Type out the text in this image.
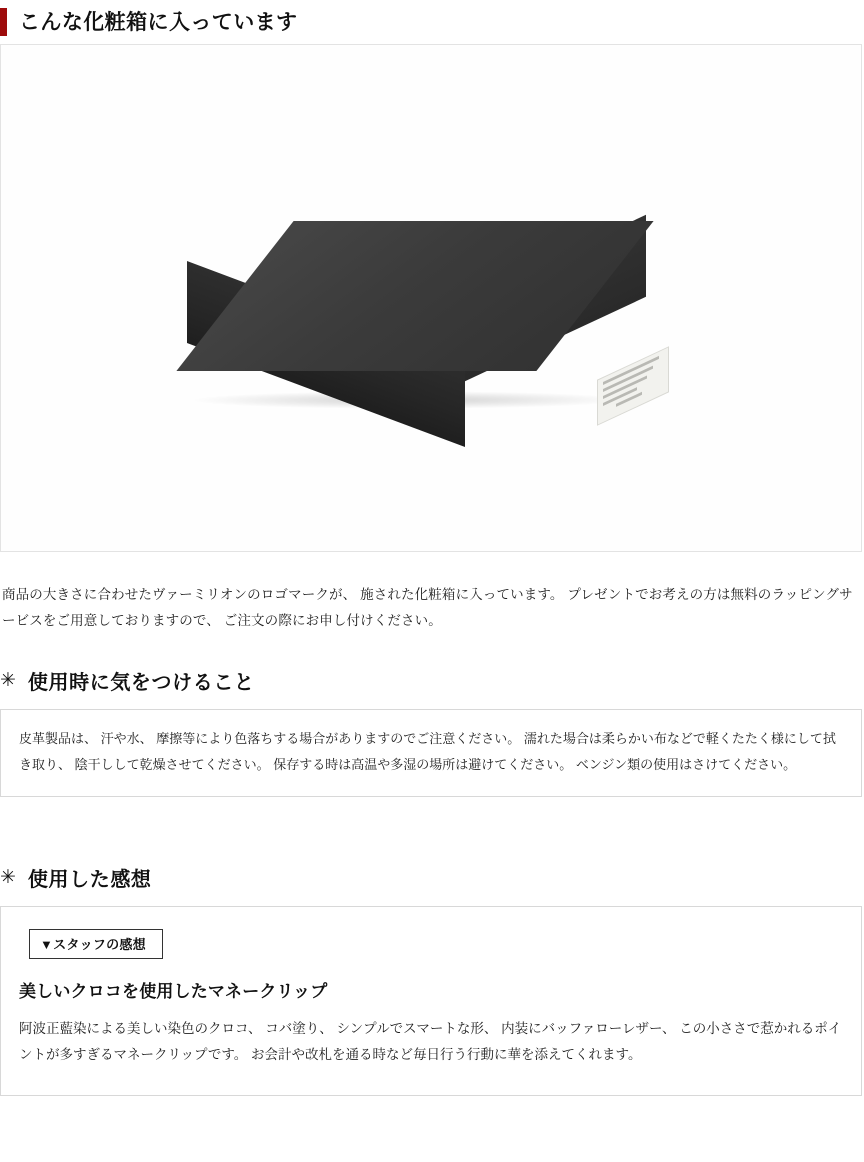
こんな化粧箱に入っています

商品の大きさに合わせたヴァーミリオンのロゴマークが、 施された化粧箱に入っています。 プレゼントでお考えの方は無料のラッピングサービスをご用意しておりますので、 ご注文の際にお申し付けください。

✳ 使用時に気をつけること
皮革製品は、 汗や水、 摩擦等により色落ちする場合がありますのでご注意ください。 濡れた場合は柔らかい布などで軽くたたく様にして拭き取り、 陰干しして乾燥させてください。 保存する時は高温や多湿の場所は避けてください。 ベンジン類の使用はさけてください。
✳ 使用した感想
▼スタッフの感想
美しいクロコを使用したマネークリップ
阿波正藍染による美しい染色のクロコ、 コバ塗り、 シンプルでスマートな形、 内装にバッファローレザー、 この小ささで惹かれるポイントが多すぎるマネークリップです。 お会計や改札を通る時など毎日行う行動に華を添えてくれます。
